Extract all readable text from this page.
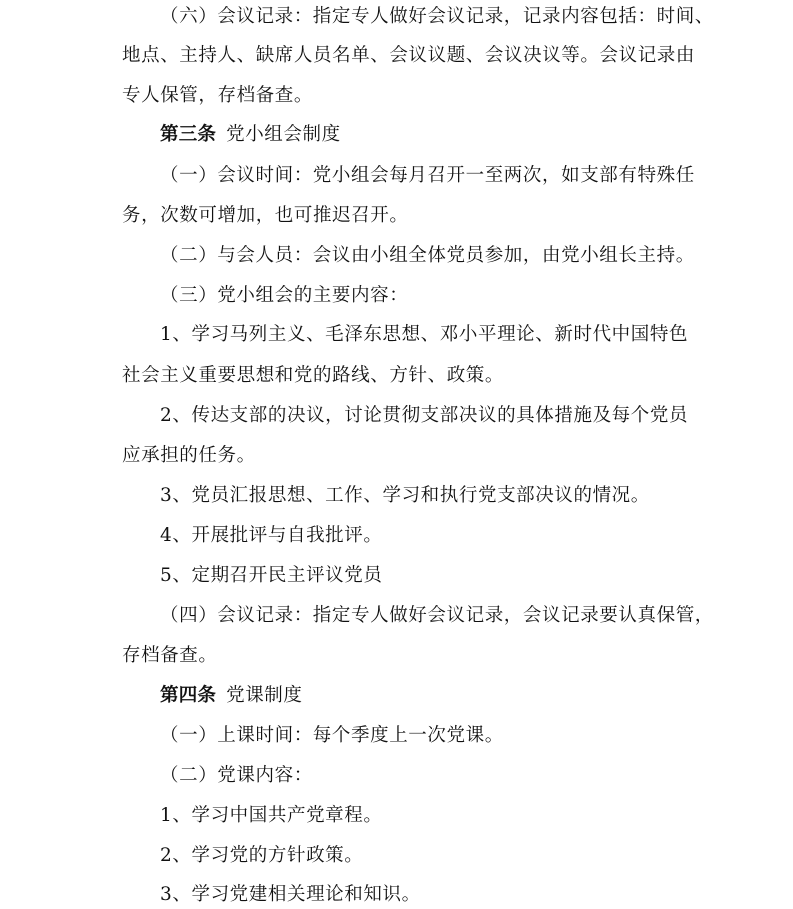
（六）会议记录：指定专人做好会议记录，记录内容包括：时间、
地点、主持人、缺席人员名单、会议议题、会议决议等。会议记录由
专人保管，存档备查。
第三条 党小组会制度
（一）会议时间：党小组会每月召开一至两次，如支部有特殊任
务，次数可增加，也可推迟召开。
（二）与会人员：会议由小组全体党员参加，由党小组长主持。
（三）党小组会的主要内容：
1、学习马列主义、毛泽东思想、邓小平理论、新时代中国特色
社会主义重要思想和党的路线、方针、政策。
2、传达支部的决议，讨论贯彻支部决议的具体措施及每个党员
应承担的任务。
3、党员汇报思想、工作、学习和执行党支部决议的情况。
4、开展批评与自我批评。
5、定期召开民主评议党员
（四）会议记录：指定专人做好会议记录，会议记录要认真保管，
存档备查。
第四条 党课制度
（一）上课时间：每个季度上一次党课。
（二）党课内容：
1、学习中国共产党章程。
2、学习党的方针政策。
3、学习党建相关理论和知识。
